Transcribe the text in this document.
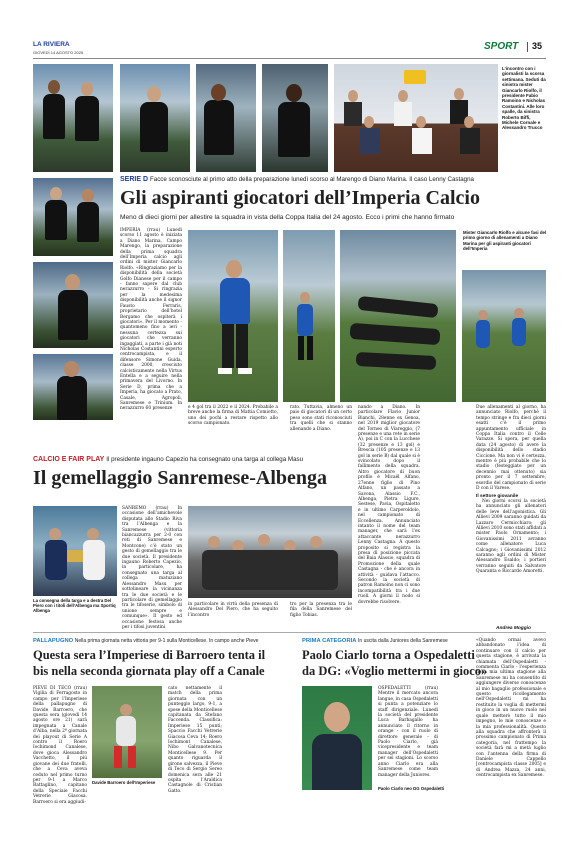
LA RIVIERA
GIOVEDÌ 14 AGOSTO 2025
SPORT 35
L’incontro con i giornalisti la scorsa settimana. Seduti da sinistra mister Giancarlo Riolfo, il presidente Fabio Ramoino e Nicholas Costantini. Alle loro spalle, da sinistra Roberto Biffi, Michele Cornale e Alessandro Trucco
SERIE D Facce sconosciute al primo atto della preparazione lunedì scorso al Marengo di Diano Marina. Il caso Lenny Castagna
Gli aspiranti giocatori dell’Imperia Calcio
Meno di dieci giorni per allestire la squadra in vista della Coppa Italia del 24 agosto. Ecco i primi che hanno firmato

IMPERIA (rrau) Lunedì scorso 11 agosto è iniziata a Diano Marina, Campo Marengo, la preparazione della prima squadra dell’Imperia calcio agli ordini di mister Giancarlo Riolfo. «Ringraziamo per la disponibilità della società Golfo Dianese per il campo - fanno sapere dal club nerazzurro - Si ringrazia per la medesima disponibilità anche il signor Fausto Ferraris, proprietario dell’hotel Bergamo che ospiterà i giocatori». Per il momento - quantomeno fino a ieri - nessuna certezza sui giocatori che verranno ingaggiati, a parte i già noti Nicholas Costantini esperto centrocampista, e il difensore Simone Guida, classe 2000, cresciuto calcisticamente nella Virtus Entella e a seguire nella primavera del Livorno. In Serie D, prima che a Imperia, ha giocato a Prato, Casale, Agropoli, Sanremese e Trinium. In nerazzurro 60 presenze

Mister Giancarlo Riolfo e alcune fasi del primo giorno di allenamenti a Diano Marina per gli aspiranti giocatori dell’Imperia

e 4 gol tra il 2022 e il 2024. Probabile a breve anche la firma di Mattia Comiotto, uno dei pochi a restare rispetto allo scorso campionato.

rato. Tuttavia, almeno un paio di giocatori di un certo peso sono stati riconosciuti tra quelli che si stanno allenando a Diano.

nando a Diano. In particolare Flavio Junior Bianchi, 28enne ex Genoa, nel 2019 miglior giocatore del Torneo di Viareggio, (7 presenze e una rete in serie A), poi in C con la Lucchese (32 presenze e 13 gol) e Brescia (105 presenze e 13 gol in serie B) dal quale si è svincolato dopo il fallimento della squadra. Altro giocatore di buon profilo è Micaël Alfano, 27enne figlio di Pino Alfano, un passato a Savona, Alassio F.C., Albenga, Pietra Ligure, Sestese, Pavia, Ospitaletto e in ultimo Carperoldolo, nel campionato di Eccellenza. Annunciato intanto il nome del team manager, che sarà l’ex attaccante nerazzurro Lenny Castagna. A questo proposito si registra la presa di posizione piccata del Baia Alassio, squadra di Promozione della quale Castagna - che è ancora in attività - guidava l’attacco. Secondo la società di patron Ramoino non ci sono incompatibilità tra i due ruoli. A giorni il nodo si dovrebbe risolvere.

Due allenamenti al giorno, ha annunciato Riolfo, perché il tempo stringe e fra dieci giorni esatti c’è il primo appuntamento ufficiale in Coppa Italia contro il Celle Varazze. Si spera, per quella data (24 agosto) di avere la disponibilità dello stadio Ciccione. Ma non vi è certezza, mentre è più probabile che lo stadio (festeggiato per un decennio mai ottenuto) sia pronto per il 7 settembre, esordio del campionato di serie D con il Varese.

Il settore giovanile

Nei giorni scorsi la società ha annunciato gli allenatori delle leve dell’agonistica. Gli Allievi 2009 saranno guidati da Lazzaro Cermicchiaro; gli Allievi 2010 sono stati affidati a mister Paolo Ornamento; i Giovanissimi 2011 avranno come allenatore Luca Calcagno; i Giovanissimi 2012 saranno agli ordini di Mister Alessandro Esaldo; i portieri verranno seguiti da Salvatore Quaranta e Riccardo Amoretti.

Andrea Moggio
CALCIO E FAIR PLAY Il presidente ingauno Capezio ha consegnato una targa al collega Masu
Il gemellaggio Sanremese-Albenga
La consegna della targa e a destra Del Piero con i titoli dell’Albenga ma Sportiq Albenga

SANREMO (rrau) In occasione dell’amichevole disputata allo Stadio Riva tra l’Albenga e la Sanremese (vittoria biancazzurra per 2-0 con reti di Sanremese e Montcone) c’è stato un gesto di gemellaggio tra le due società. Il presidente ingauno Roberto Capezio, in particolare, ha consegnato una targa al collega matuziano Alessandro Masu per sottolineare la vicinanza tra le due società e le particolare di gemellaggio tra le tifoserie, simbolo di unione sempre e comunque». Il gesto ed occasione festosa anche per i tifosi juventini

in particolare in virtù della presenza di Alessandro Del Piero, che ha seguito l’incontro

tro per la presenza tra le fila della Sanremese del figlio Tobias.

PALLAPUGNO Nella prima giornata netta vittoria per 9-1 sulla Monticellese. In campo anche Pieve
Questa sera l’Imperiese di Barroero tenta il
bis nella seconda giornata play off a Canale

PIEVE DI TECO (rrau) Vigilia di Ferragosto in campo per l’Imperiese della pallapugno di Davide Barroero, che questa sera (giovedì 14 agosto ore 21) sarà impegnata a Canale d’Alba, nella 2ª giornata dei playout di Serie A contro il Roero Iochimond Canalese, dove gioca Alessandro Vacchetto, il più giovane dei due fratelli, che a Ceva aveva ceduto nel primo turno per 9-1 a Marco Battaglino, capitano della Speciaie Facchi Vetrerie Giacosa. Barroero si era aggiudi-

Davide Barroero dell’Imperiese

cato nettamente il match della prima giornata con un punteggio largo, 9-1, a spese della Monticellese capitanata da Stefano Faccenda. Classifica: Imperiese 15 punti; Spaccio Facchi Vetrerie Giacosa Ceva 14; Roero Iochimont Canalese, Nibo Galvanotecnica Monticellese 9. Per quanto riguarda il girone salvezza, il Pieve di Teco di Sergio Sereo domenica sera alle 21 ospita l’Araldica Castagnole di Cristian Gatto.

PRIMA CATEGORIA In uscita dalla Juniores della Sanremese
Paolo Ciarlo torna a Ospedaletti
da DG: «Voglio mettermi in gioco»

OSPEDALETTI (rrau) Mentre il mercato ancora langue, in casa Ospedaletti si punta a potenziare lo staff dirigenziale. Lunedì la società del presidente Luca Barbagallo ha annunciato il ritorno in orange - con il ruolo di direttore generale - di Paolo Ciarlo, già vicepresidente e team manager dell’Ospedaletti per sei stagioni. Lo scorso anno Ciarlo era alla Sanremese come team manager della Juniores.

Paolo Ciarlo neo DG Ospedaletti

«Quando ormai avevo abbandonato l’idea di continuare con il calcio per questa stagione, è arrivata la chiamata dell’Ospedaletti - commenta Ciarlo - l’esperienza nella mia ultima stagione alla Sanremese mi ha consentito di aggiungere diverse conoscenze al mio bagaglio professionale e questo ricollegamento nell’Ospedaletti mi ha restituito la voglia di mettermi in gioco in un nuovo ruolo nel quale metterò tutto il mio impegno, le mie conoscenze e la mia professionalità. Questo alla squadra che affronterà il prossimo campionato di Prima categoria, nel frattempo la società farà mi a metà luglio con l’antenna della firma di Daniele Cappello [centrocampista classe 2005] e di Andrea Mazza, 24 anni, centrocampista ex Sanremese.
